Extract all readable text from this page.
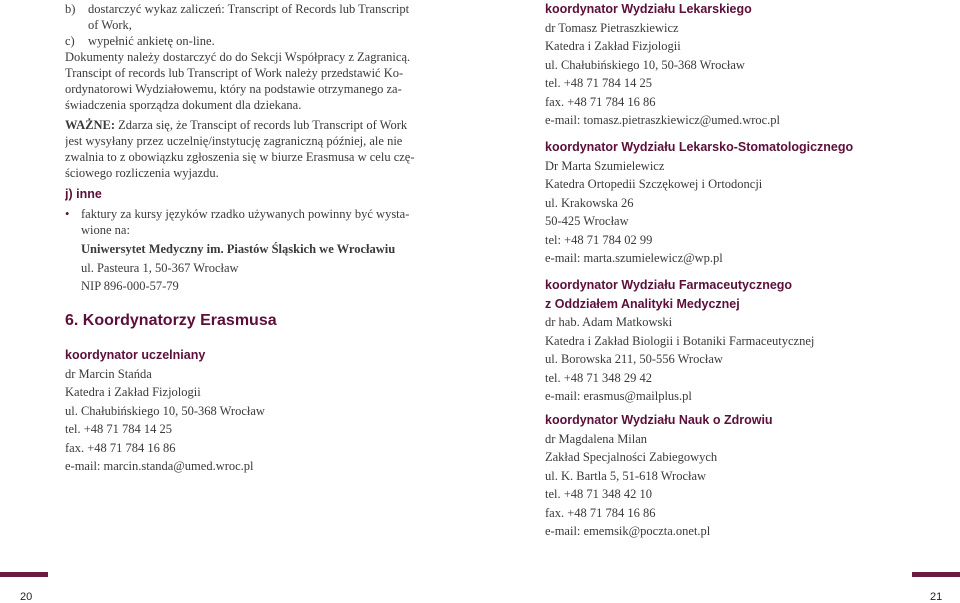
b) dostarczyć wykaz zaliczeń: Transcript of Records lub Transcript

of Work,

c) wypełnić ankietę on-line.

Dokumenty należy dostarczyć do do Sekcji Współpracy z Zagranicą.

Transcipt of records lub Transcript of Work należy przedstawić Ko-

ordynatorowi Wydziałowemu, który na podstawie otrzymanego za-

świadczenia sporządza dokument dla dziekana.

WAŻNE: Zdarza się, że Transcipt of records lub Transcript of Work

jest wysyłany przez uczelnię/instytucję zagraniczną później, ale nie

zwalnia to z obowiązku zgłoszenia się w biurze Erasmusa w celu czę-

ściowego rozliczenia wyjazdu.

j) inne

• faktury za kursy języków rzadko używanych powinny być wysta-

wione na:

Uniwersytet Medyczny im. Piastów Śląskich we Wrocławiu

ul. Pasteura 1, 50-367 Wrocław

NIP 896-000-57-79

6. Koordynatorzy Erasmusa

koordynator uczelniany

dr Marcin Stańda

Katedra i Zakład Fizjologii

ul. Chałubińskiego 10, 50-368 Wrocław

tel. +48 71 784 14 25

fax. +48 71 784 16 86

e-mail: marcin.standa@umed.wroc.pl

koordynator Wydziału Lekarskiego

dr Tomasz Pietraszkiewicz

Katedra i Zakład Fizjologii

ul. Chałubińskiego 10, 50-368 Wrocław

tel. +48 71 784 14 25

fax. +48 71 784 16 86

e-mail: tomasz.pietraszkiewicz@umed.wroc.pl

koordynator Wydziału Lekarsko-Stomatologicznego

Dr Marta Szumielewicz

Katedra Ortopedii Szczękowej i Ortodoncji

ul. Krakowska 26

50-425 Wrocław

tel: +48 71 784 02 99

e-mail: marta.szumielewicz@wp.pl

koordynator Wydziału Farmaceutycznego

z Oddziałem Analityki Medycznej

dr hab. Adam Matkowski

Katedra i Zakład Biologii i Botaniki Farmaceutycznej

ul. Borowska 211, 50-556 Wrocław

tel. +48 71 348 29 42

e-mail: erasmus@mailplus.pl

koordynator Wydziału Nauk o Zdrowiu

dr Magdalena Milan

Zakład Specjalności Zabiegowych

ul. K. Bartla 5, 51-618 Wrocław

tel. +48 71 348 42 10

fax. +48 71 784 16 86

e-mail: ememsik@poczta.onet.pl

20	21
